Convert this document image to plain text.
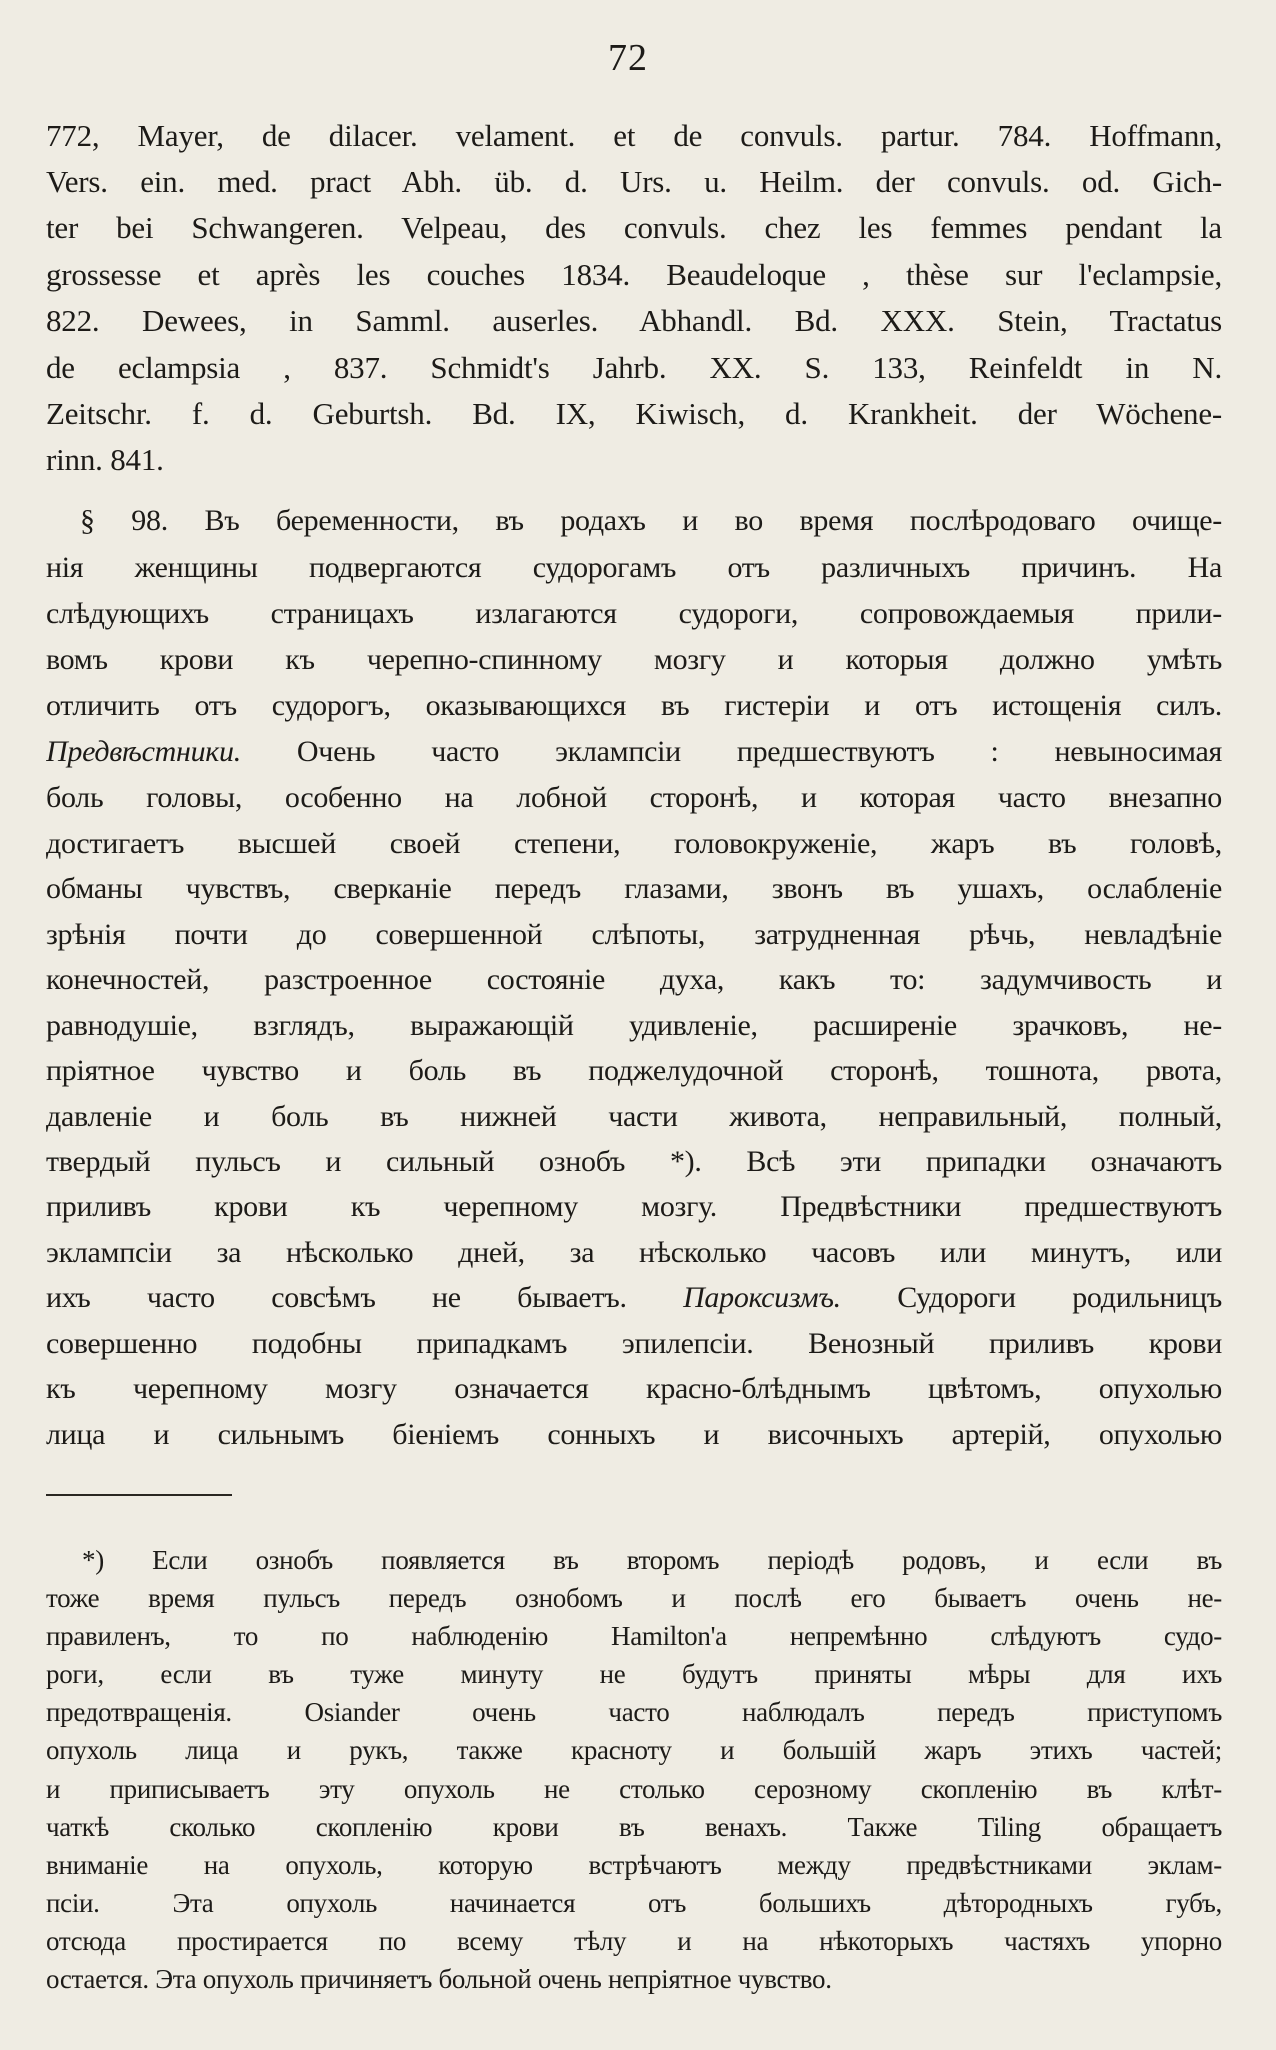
72
772, Mayer, de dilacer. velament. et de convuls. partur. 784. Hoffmann,
Vers. ein. med. pract Abh. üb. d. Urs. u. Heilm. der convuls. od. Gich-
ter bei Schwangeren. Velpeau, des convuls. chez les femmes pendant la
grossesse et après les couches 1834. Beaudeloque , thèse sur l'eclampsie,
822. Dewees, in Samml. auserles. Abhandl. Bd. XXX. Stein, Tractatus
de eclampsia , 837. Schmidt's Jahrb. XX. S. 133, Reinfeldt in N.
Zeitschr. f. d. Geburtsh. Bd. IX, Kiwisch, d. Krankheit. der Wöchene-
rinn. 841.
§ 98. Въ беременности, въ родахъ и во время послѣродоваго очище-
нія женщины подвергаются судорогамъ отъ различныхъ причинъ. На
слѣдующихъ страницахъ излагаются судороги, сопровождаемыя прили-
вомъ крови къ черепно-спинному мозгу и которыя должно умѣть
отличить отъ судорогъ, оказывающихся въ гистеріи и отъ истощенія силъ.
Предвѣстники. Очень часто эклампсіи предшествуютъ : невыносимая
боль головы, особенно на лобной сторонѣ, и которая часто внезапно
достигаетъ высшей своей степени, головокруженіе, жаръ въ головѣ,
обманы чувствъ, сверканіе передъ глазами, звонъ въ ушахъ, ослабленіе
зрѣнія почти до совершенной слѣпоты, затрудненная рѣчь, невладѣніе
конечностей, разстроенное состояніе духа, какъ то: задумчивость и
равнодушіе, взглядъ, выражающій удивленіе, расширеніе зрачковъ, не-
пріятное чувство и боль въ поджелудочной сторонѣ, тошнота, рвота,
давленіе и боль въ нижней части живота, неправильный, полный,
твердый пульсъ и сильный ознобъ *). Всѣ эти припадки означаютъ
приливъ крови къ черепному мозгу. Предвѣстники предшествуютъ
эклампсіи за нѣсколько дней, за нѣсколько часовъ или минутъ, или
ихъ часто совсѣмъ не бываетъ. Пароксизмъ. Судороги родильницъ
совершенно подобны припадкамъ эпилепсіи. Венозный приливъ крови
къ черепному мозгу означается красно-блѣднымъ цвѣтомъ, опухолью
лица и сильнымъ біеніемъ сонныхъ и височныхъ артерій, опухолью
*) Если ознобъ появляется въ второмъ періодѣ родовъ, и если въ
тоже время пульсъ передъ ознобомъ и послѣ его бываетъ очень не-
правиленъ, то по наблюденію Hamilton'а непремѣнно слѣдуютъ судо-
роги, если въ туже минуту не будутъ приняты мѣры для ихъ
предотвращенія. Osiander очень часто наблюдалъ передъ приступомъ
опухоль лица и рукъ, также красноту и большій жаръ этихъ частей;
и приписываетъ эту опухоль не столько серозному скопленію въ клѣт-
чаткѣ сколько скопленію крови въ венахъ. Также Tiling обращаетъ
вниманіе на опухоль, которую встрѣчаютъ между предвѣстниками эклам-
псіи. Эта опухоль начинается отъ большихъ дѣтородныхъ губъ,
отсюда простирается по всему тѣлу и на нѣкоторыхъ частяхъ упорно
остается. Эта опухоль причиняетъ больной очень непріятное чувство.
